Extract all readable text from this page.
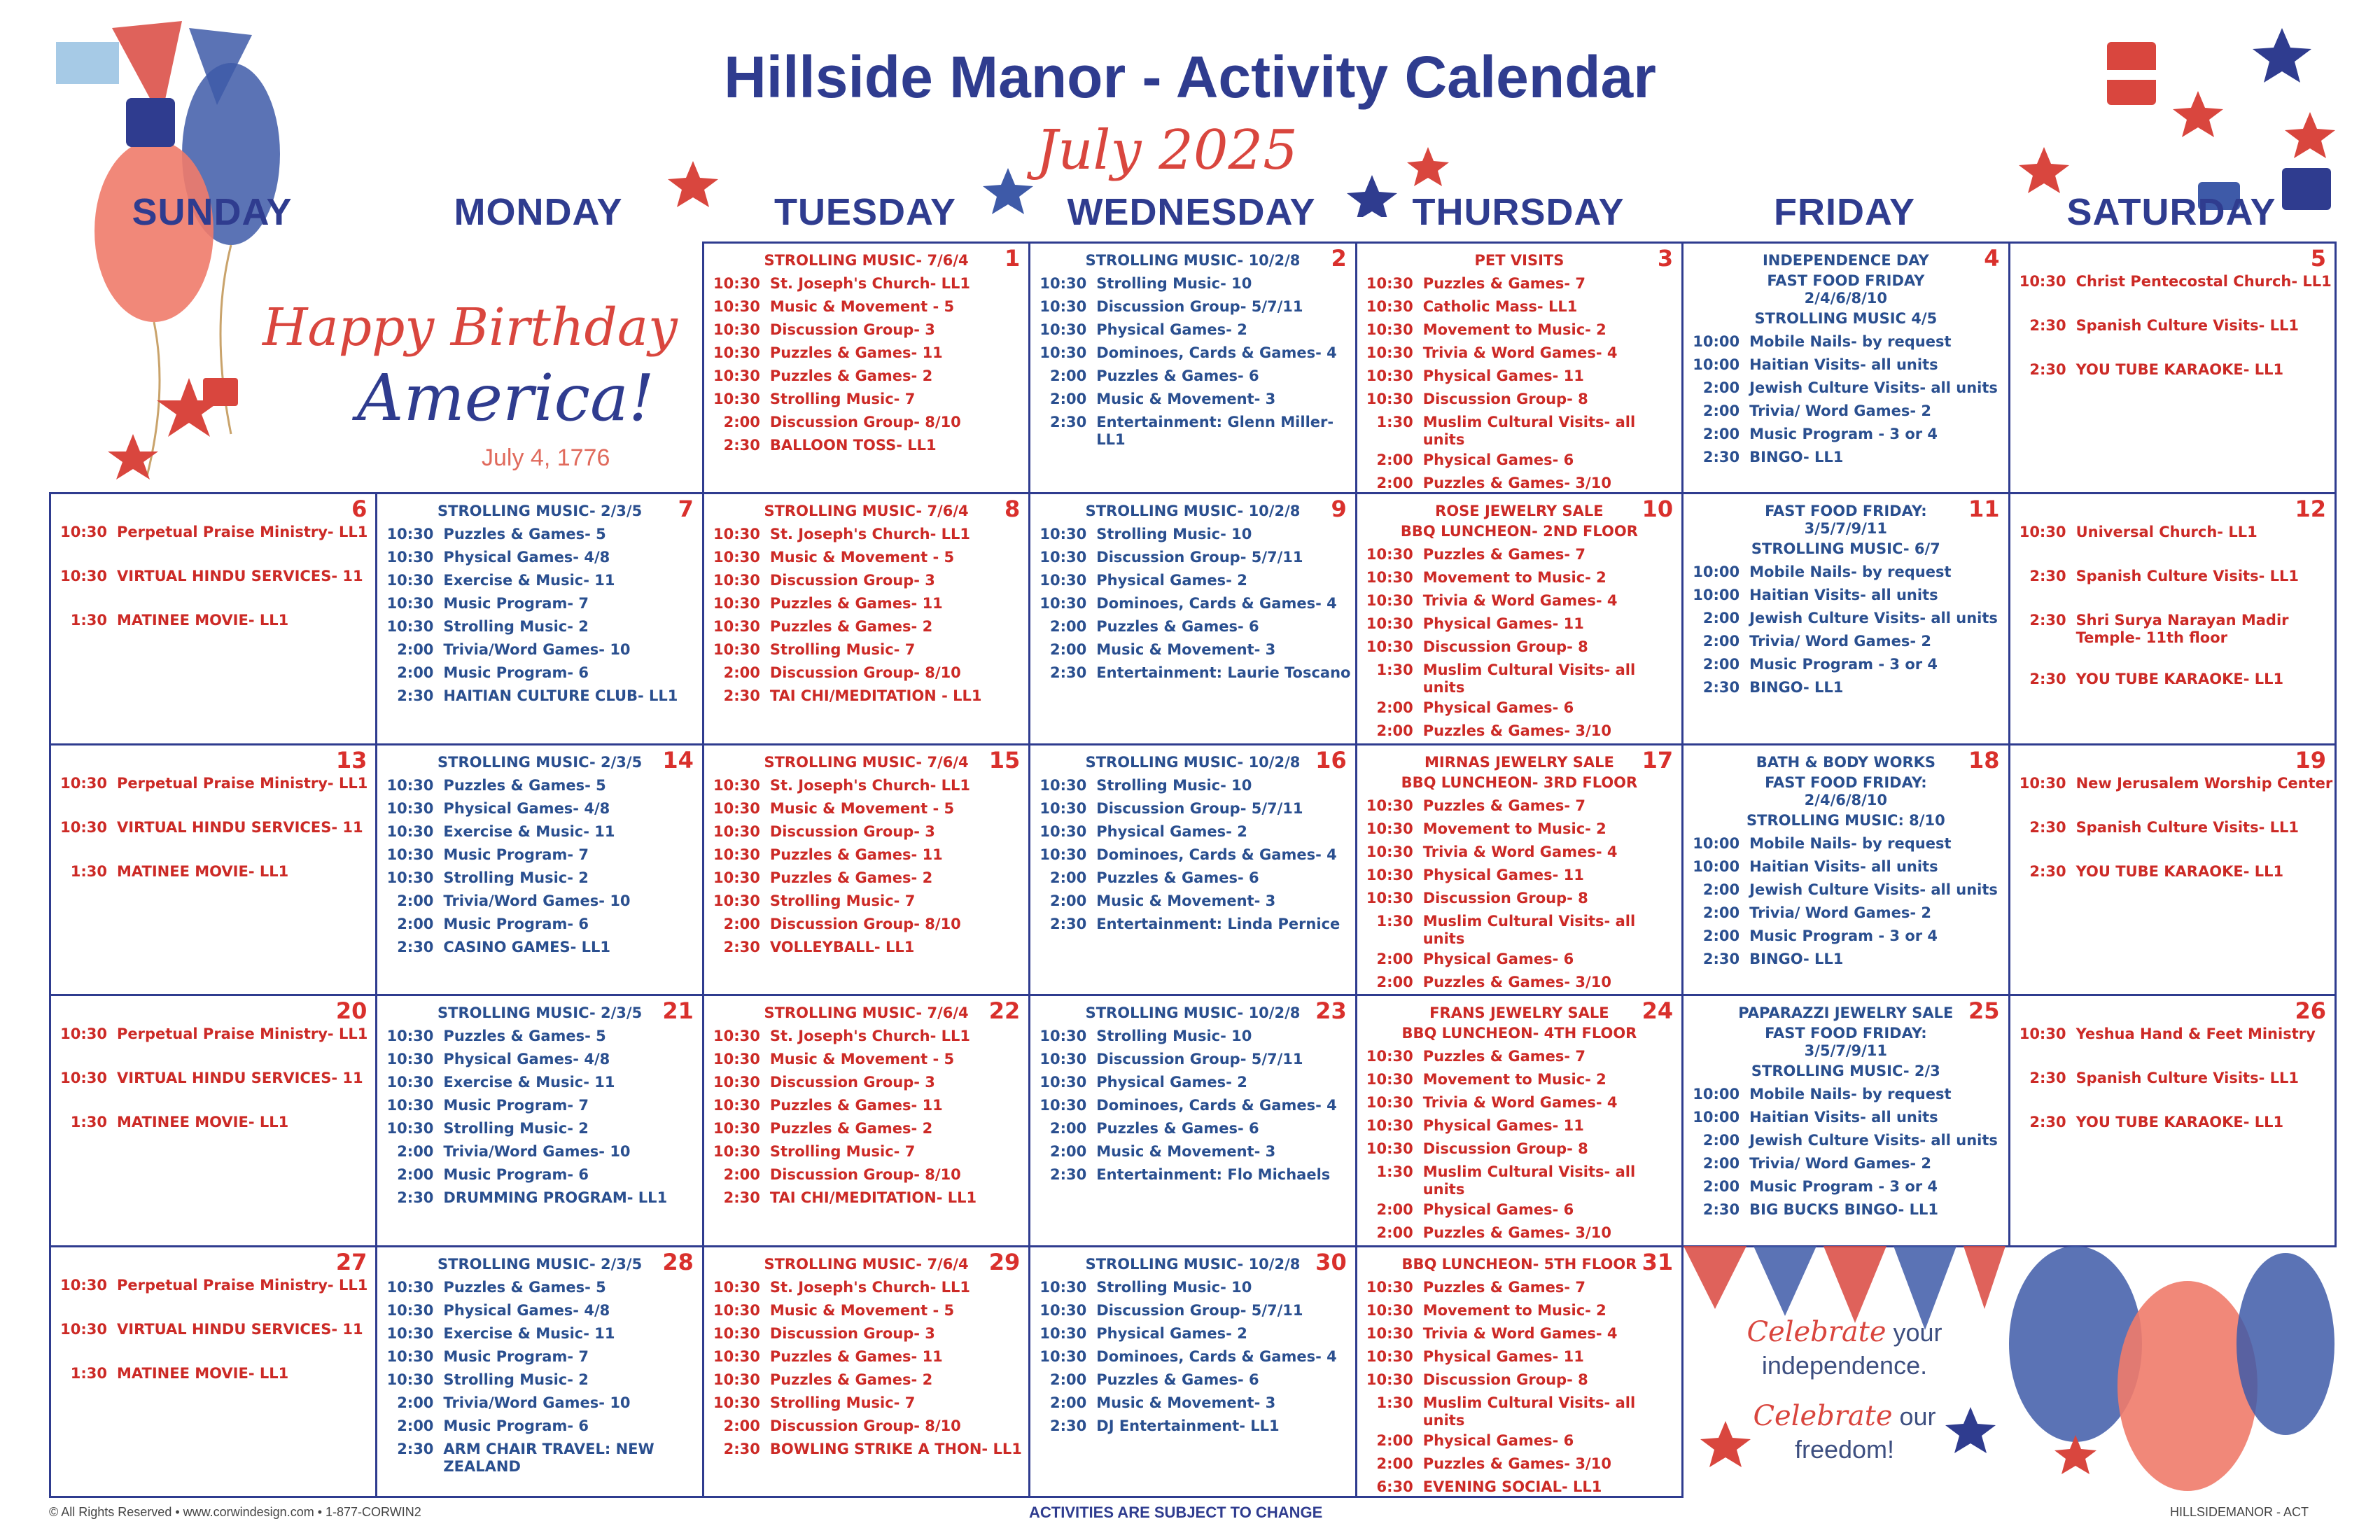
Hillside Manor - Activity Calendar
July 2025
SUNDAY	MONDAY	TUESDAY	WEDNESDAY	THURSDAY	FRIDAY	SATURDAY
Happy Birthday
America!
July 4, 1776
1
STROLLING MUSIC- 7/6/4
10:30 St. Joseph's Church- LL1
10:30 Music & Movement - 5
10:30 Discussion Group- 3
10:30 Puzzles & Games- 11
10:30 Puzzles & Games- 2
10:30 Strolling Music- 7
2:00 Discussion Group- 8/10
2:30 BALLOON TOSS- LL1
2
STROLLING MUSIC- 10/2/8
10:30 Strolling Music- 10
10:30 Discussion Group- 5/7/11
10:30 Physical Games- 2
10:30 Dominoes, Cards & Games- 4
2:00 Puzzles & Games- 6
2:00 Music & Movement- 3
2:30 Entertainment: Glenn Miller- LL1
3
PET VISITS
10:30 Puzzles & Games- 7
10:30 Catholic Mass- LL1
10:30 Movement to Music- 2
10:30 Trivia & Word Games- 4
10:30 Physical Games- 11
10:30 Discussion Group- 8
1:30 Muslim Cultural Visits- all units
2:00 Physical Games- 6
2:00 Puzzles & Games- 3/10
4
INDEPENDENCE DAY
FAST FOOD FRIDAY 2/4/6/8/10
STROLLING MUSIC 4/5
10:00 Mobile Nails- by request
10:00 Haitian Visits- all units
2:00 Jewish Culture Visits- all units
2:00 Trivia/ Word Games- 2
2:00 Music Program - 3 or 4
2:30 BINGO- LL1
5
10:30 Christ Pentecostal Church- LL1
2:30 Spanish Culture Visits- LL1
2:30 YOU TUBE KARAOKE- LL1
6
10:30 Perpetual Praise Ministry- LL1
10:30 VIRTUAL HINDU SERVICES- 11
1:30 MATINEE MOVIE- LL1
7
STROLLING MUSIC- 2/3/5
10:30 Puzzles & Games- 5
10:30 Physical Games- 4/8
10:30 Exercise & Music- 11
10:30 Music Program- 7
10:30 Strolling Music- 2
2:00 Trivia/Word Games- 10
2:00 Music Program- 6
2:30 HAITIAN CULTURE CLUB- LL1
8
STROLLING MUSIC- 7/6/4
10:30 St. Joseph's Church- LL1
10:30 Music & Movement - 5
10:30 Discussion Group- 3
10:30 Puzzles & Games- 11
10:30 Puzzles & Games- 2
10:30 Strolling Music- 7
2:00 Discussion Group- 8/10
2:30 TAI CHI/MEDITATION - LL1
9
STROLLING MUSIC- 10/2/8
10:30 Strolling Music- 10
10:30 Discussion Group- 5/7/11
10:30 Physical Games- 2
10:30 Dominoes, Cards & Games- 4
2:00 Puzzles & Games- 6
2:00 Music & Movement- 3
2:30 Entertainment: Laurie Toscano
10
ROSE JEWELRY SALE
BBQ LUNCHEON- 2ND FLOOR
10:30 Puzzles & Games- 7
10:30 Movement to Music- 2
10:30 Trivia & Word Games- 4
10:30 Physical Games- 11
10:30 Discussion Group- 8
1:30 Muslim Cultural Visits- all units
2:00 Physical Games- 6
2:00 Puzzles & Games- 3/10
11
FAST FOOD FRIDAY: 3/5/7/9/11
STROLLING MUSIC- 6/7
10:00 Mobile Nails- by request
10:00 Haitian Visits- all units
2:00 Jewish Culture Visits- all units
2:00 Trivia/ Word Games- 2
2:00 Music Program - 3 or 4
2:30 BINGO- LL1
12
10:30 Universal Church- LL1
2:30 Spanish Culture Visits- LL1
2:30 Shri Surya Narayan Madir Temple- 11th floor
2:30 YOU TUBE KARAOKE- LL1
13
10:30 Perpetual Praise Ministry- LL1
10:30 VIRTUAL HINDU SERVICES- 11
1:30 MATINEE MOVIE- LL1
14
STROLLING MUSIC- 2/3/5
10:30 Puzzles & Games- 5
10:30 Physical Games- 4/8
10:30 Exercise & Music- 11
10:30 Music Program- 7
10:30 Strolling Music- 2
2:00 Trivia/Word Games- 10
2:00 Music Program- 6
2:30 CASINO GAMES- LL1
15
STROLLING MUSIC- 7/6/4
10:30 St. Joseph's Church- LL1
10:30 Music & Movement - 5
10:30 Discussion Group- 3
10:30 Puzzles & Games- 11
10:30 Puzzles & Games- 2
10:30 Strolling Music- 7
2:00 Discussion Group- 8/10
2:30 VOLLEYBALL- LL1
16
STROLLING MUSIC- 10/2/8
10:30 Strolling Music- 10
10:30 Discussion Group- 5/7/11
10:30 Physical Games- 2
10:30 Dominoes, Cards & Games- 4
2:00 Puzzles & Games- 6
2:00 Music & Movement- 3
2:30 Entertainment: Linda Pernice
17
MIRNAS JEWELRY SALE
BBQ LUNCHEON- 3RD FLOOR
10:30 Puzzles & Games- 7
10:30 Movement to Music- 2
10:30 Trivia & Word Games- 4
10:30 Physical Games- 11
10:30 Discussion Group- 8
1:30 Muslim Cultural Visits- all units
2:00 Physical Games- 6
2:00 Puzzles & Games- 3/10
18
BATH & BODY WORKS
FAST FOOD FRIDAY: 2/4/6/8/10
STROLLING MUSIC: 8/10
10:00 Mobile Nails- by request
10:00 Haitian Visits- all units
2:00 Jewish Culture Visits- all units
2:00 Trivia/ Word Games- 2
2:00 Music Program - 3 or 4
2:30 BINGO- LL1
19
10:30 New Jerusalem Worship Center
2:30 Spanish Culture Visits- LL1
2:30 YOU TUBE KARAOKE- LL1
20
10:30 Perpetual Praise Ministry- LL1
10:30 VIRTUAL HINDU SERVICES- 11
1:30 MATINEE MOVIE- LL1
21
STROLLING MUSIC- 2/3/5
10:30 Puzzles & Games- 5
10:30 Physical Games- 4/8
10:30 Exercise & Music- 11
10:30 Music Program- 7
10:30 Strolling Music- 2
2:00 Trivia/Word Games- 10
2:00 Music Program- 6
2:30 DRUMMING PROGRAM- LL1
22
STROLLING MUSIC- 7/6/4
10:30 St. Joseph's Church- LL1
10:30 Music & Movement - 5
10:30 Discussion Group- 3
10:30 Puzzles & Games- 11
10:30 Puzzles & Games- 2
10:30 Strolling Music- 7
2:00 Discussion Group- 8/10
2:30 TAI CHI/MEDITATION- LL1
23
STROLLING MUSIC- 10/2/8
10:30 Strolling Music- 10
10:30 Discussion Group- 5/7/11
10:30 Physical Games- 2
10:30 Dominoes, Cards & Games- 4
2:00 Puzzles & Games- 6
2:00 Music & Movement- 3
2:30 Entertainment: Flo Michaels
24
FRANS JEWELRY SALE
BBQ LUNCHEON- 4TH FLOOR
10:30 Puzzles & Games- 7
10:30 Movement to Music- 2
10:30 Trivia & Word Games- 4
10:30 Physical Games- 11
10:30 Discussion Group- 8
1:30 Muslim Cultural Visits- all units
2:00 Physical Games- 6
2:00 Puzzles & Games- 3/10
25
PAPARAZZI JEWELRY SALE
FAST FOOD FRIDAY: 3/5/7/9/11
STROLLING MUSIC- 2/3
10:00 Mobile Nails- by request
10:00 Haitian Visits- all units
2:00 Jewish Culture Visits- all units
2:00 Trivia/ Word Games- 2
2:00 Music Program - 3 or 4
2:30 BIG BUCKS BINGO- LL1
26
10:30 Yeshua Hand & Feet Ministry
2:30 Spanish Culture Visits- LL1
2:30 YOU TUBE KARAOKE- LL1
27
10:30 Perpetual Praise Ministry- LL1
10:30 VIRTUAL HINDU SERVICES- 11
1:30 MATINEE MOVIE- LL1
28
STROLLING MUSIC- 2/3/5
10:30 Puzzles & Games- 5
10:30 Physical Games- 4/8
10:30 Exercise & Music- 11
10:30 Music Program- 7
10:30 Strolling Music- 2
2:00 Trivia/Word Games- 10
2:00 Music Program- 6
2:30 ARM CHAIR TRAVEL: NEW ZEALAND
29
STROLLING MUSIC- 7/6/4
10:30 St. Joseph's Church- LL1
10:30 Music & Movement - 5
10:30 Discussion Group- 3
10:30 Puzzles & Games- 11
10:30 Puzzles & Games- 2
10:30 Strolling Music- 7
2:00 Discussion Group- 8/10
2:30 BOWLING STRIKE A THON- LL1
30
STROLLING MUSIC- 10/2/8
10:30 Strolling Music- 10
10:30 Discussion Group- 5/7/11
10:30 Physical Games- 2
10:30 Dominoes, Cards & Games- 4
2:00 Puzzles & Games- 6
2:00 Music & Movement- 3
2:30 DJ Entertainment- LL1
31
BBQ LUNCHEON- 5TH FLOOR
10:30 Puzzles & Games- 7
10:30 Movement to Music- 2
10:30 Trivia & Word Games- 4
10:30 Physical Games- 11
10:30 Discussion Group- 8
1:30 Muslim Cultural Visits- all units
2:00 Physical Games- 6
2:00 Puzzles & Games- 3/10
6:30 EVENING SOCIAL- LL1
Celebrate your
independence.
Celebrate our
freedom!
© All Rights Reserved • www.corwindesign.com • 1-877-CORWIN2	ACTIVITIES ARE SUBJECT TO CHANGE	HILLSIDEMANOR - ACT
